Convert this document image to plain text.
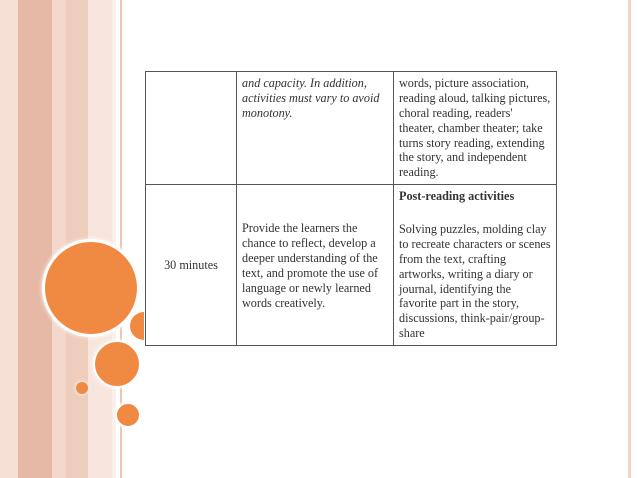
	and capacity. In addition, activities must vary to avoid monotony.	words, picture association, reading aloud, talking pictures, choral reading, readers' theater, chamber theater; take turns story reading, extending the story, and independent reading.
30 minutes	Provide the learners the chance to reflect, develop a deeper understanding of the text, and promote the use of language or newly learned words creatively.	Post-reading activities
Solving puzzles, molding clay to recreate characters or scenes from the text, crafting artworks, writing a diary or journal, identifying the favorite part in the story, discussions, think-pair/group-share
